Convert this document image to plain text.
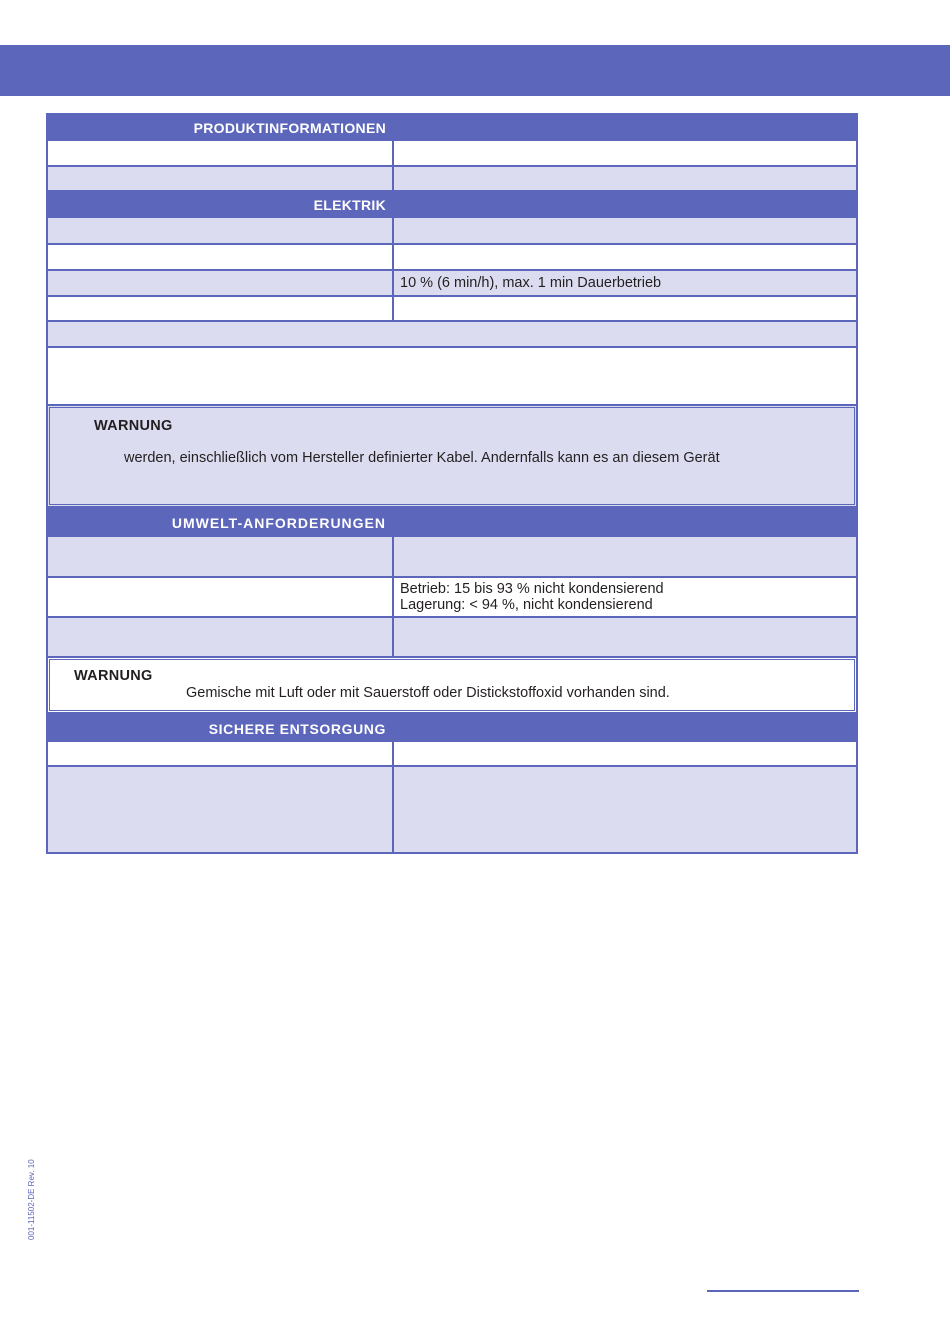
PRODUKTINFORMATIONEN
ELEKTRIK
10 % (6 min/h), max. 1 min Dauerbetrieb
WARNUNG
werden, einschließlich vom Hersteller definierter Kabel. Andernfalls kann es an diesem Gerät
UMWELT-ANFORDERUNGEN
Betrieb: 15 bis 93 % nicht kondensierend
Lagerung: < 94 %, nicht kondensierend
WARNUNG
Gemische mit Luft oder mit Sauerstoff oder Distickstoffoxid vorhanden sind.
SICHERE ENTSORGUNG
001-11502-DE Rev. 10
